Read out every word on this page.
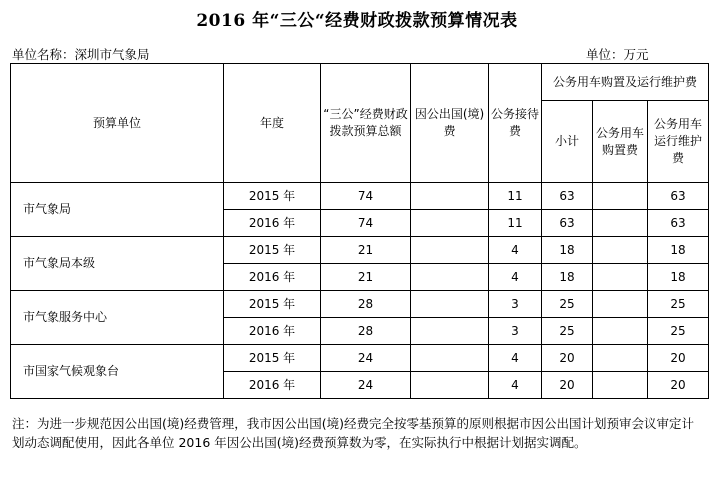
2016 年“三公“经费财政拨款预算情况表
单位名称：深圳市气象局	单位：万元
预算单位	年度	“三公”经费财政拨款预算总额	因公出国(境)费	公务接待费	公务用车购置及运行维护费		
					小计	公务用车购置费	公务用车运行维护费
市气象局	2015 年	74		11	63		63
	2016 年	74		11	63		63
市气象局本级	2015 年	21		4	18		18
	2016 年	21		4	18		18
市气象服务中心	2015 年	28		3	25		25
	2016 年	28		3	25		25
市国家气候观象台	2015 年	24		4	20		20
	2016 年	24		4	20		20
注：为进一步规范因公出国(境)经费管理，我市因公出国(境)经费完全按零基预算的原则根据市因公出国计划预审会议审定计划动态调配使用，因此各单位 2016 年因公出国(境)经费预算数为零，在实际执行中根据计划据实调配。
